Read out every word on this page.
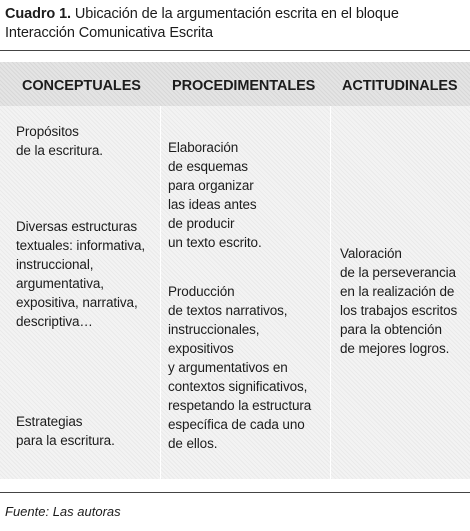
Cuadro 1. Ubicación de la argumentación escrita en el bloque Interacción Comunicativa Escrita
CONCEPTUALES PROCEDIMENTALES ACTITUDINALES

Propósitos
de la escritura.

Diversas estructuras
textuales: informativa,
instruccional,
argumentativa,
expositiva, narrativa,
descriptiva…

Estrategias
para la escritura.

Elaboración
de esquemas
para organizar
las ideas antes
de producir
un texto escrito.

Producción
de textos narrativos,
instruccionales,
expositivos
y argumentativos en
contextos significativos,
respetando la estructura
específica de cada uno
de ellos.

Valoración
de la perseverancia
en la realización de
los trabajos escritos
para la obtención
de mejores logros.

Fuente: Las autoras
